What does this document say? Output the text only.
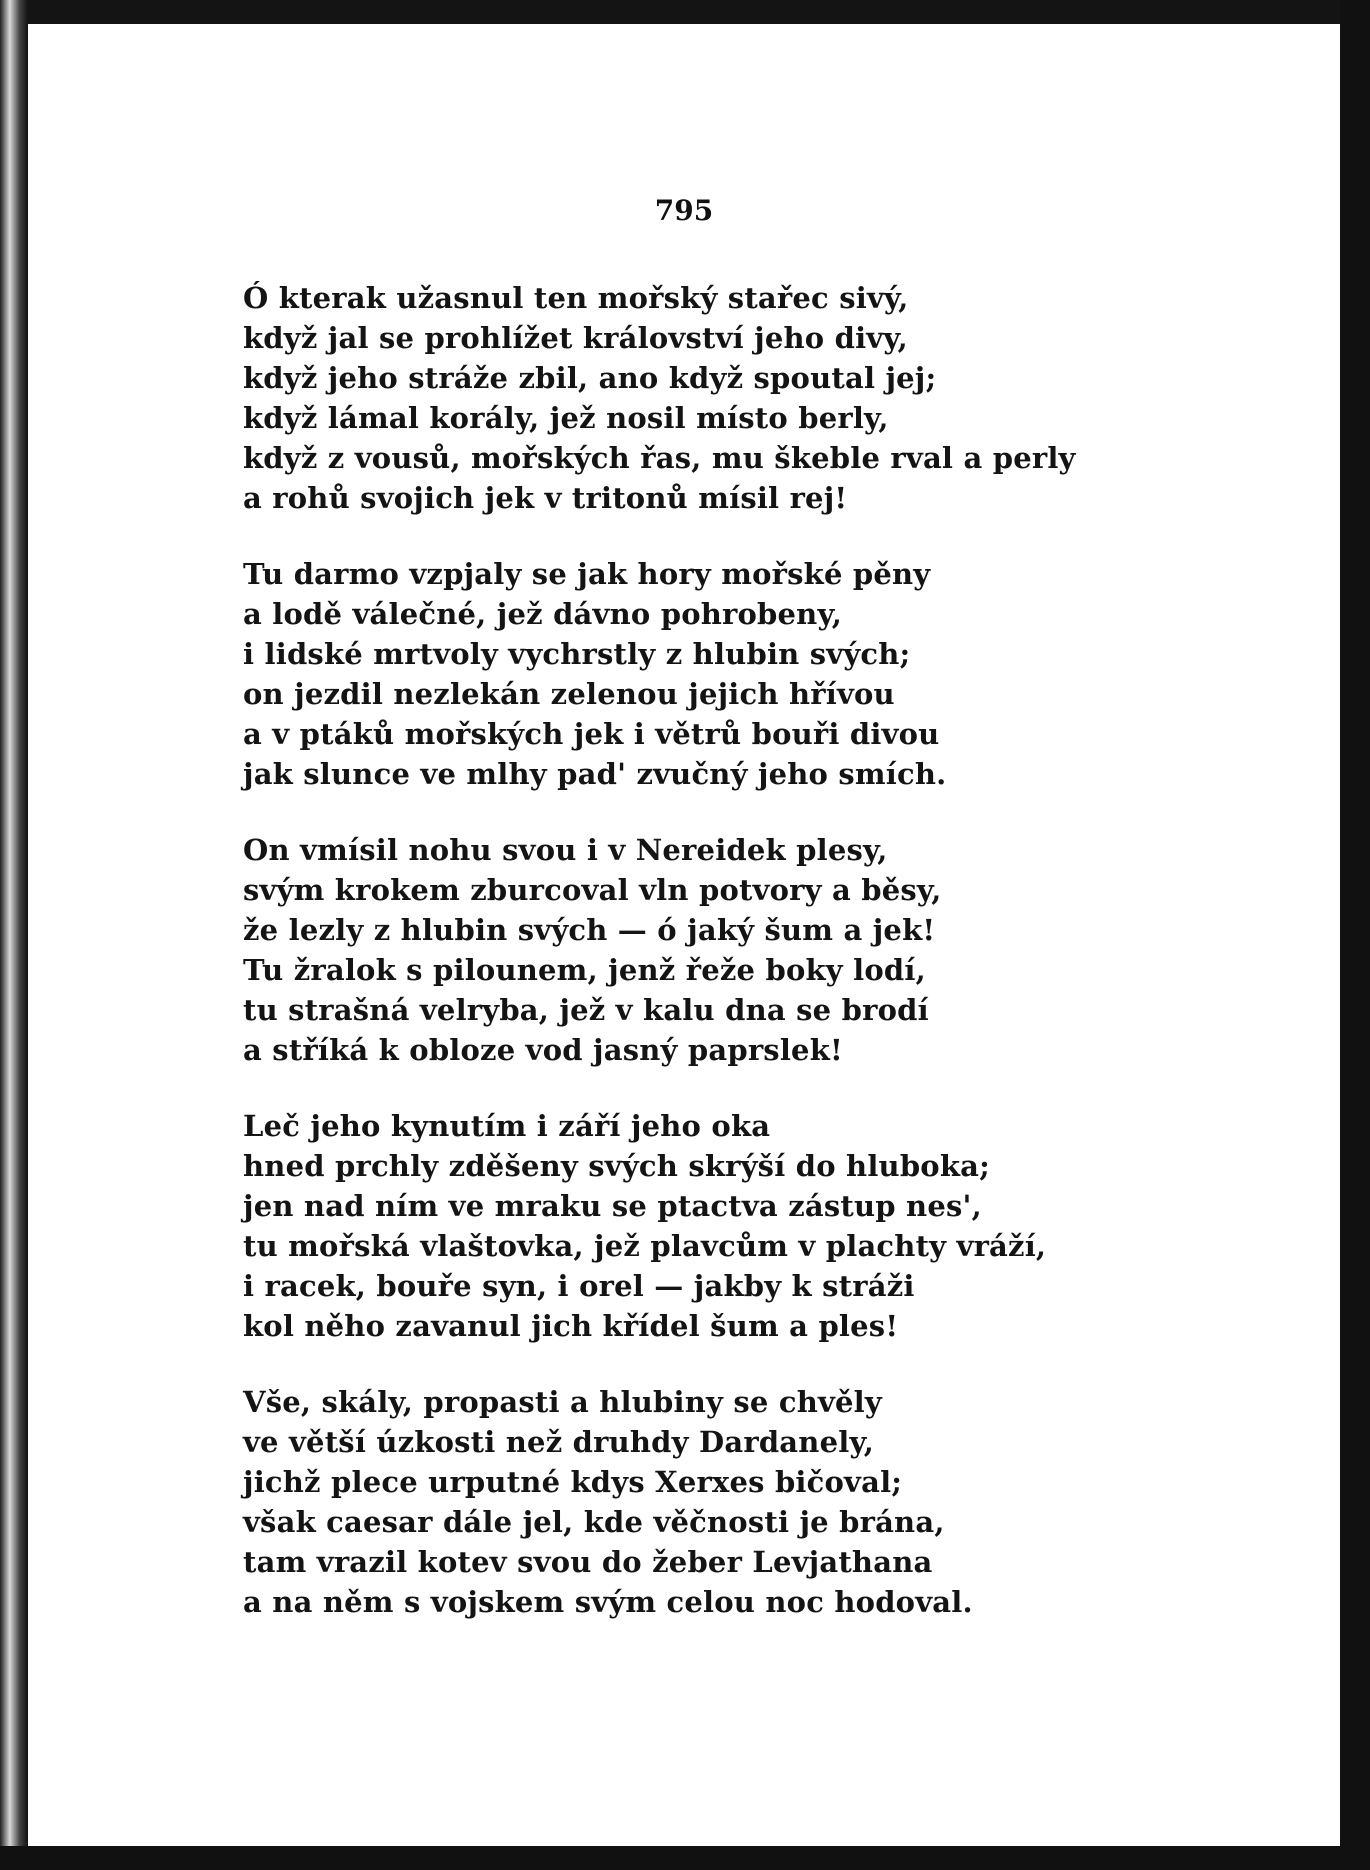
795
Ó kterak užasnul ten mořský stařec sivý,
když jal se prohlížet království jeho divy,
když jeho stráže zbil, ano když spoutal jej;
když lámal korály, jež nosil místo berly,
když z vousů, mořských řas, mu škeble rval a perly
a rohů svojich jek v tritonů mísil rej!
Tu darmo vzpjaly se jak hory mořské pěny
a lodě válečné, jež dávno pohrobeny,
i lidské mrtvoly vychrstly z hlubin svých;
on jezdil nezlekán zelenou jejich hřívou
a v ptáků mořských jek i větrů bouři divou
jak slunce ve mlhy pad' zvučný jeho smích.
On vmísil nohu svou i v Nereidek plesy,
svým krokem zburcoval vln potvory a běsy,
že lezly z hlubin svých — ó jaký šum a jek!
Tu žralok s pilounem, jenž řeže boky lodí,
tu strašná velryba, jež v kalu dna se brodí
a stříká k obloze vod jasný paprslek!
Leč jeho kynutím i září jeho oka
hned prchly zděšeny svých skrýší do hluboka;
jen nad ním ve mraku se ptactva zástup nes',
tu mořská vlaštovka, jež plavcům v plachty vráží,
i racek, bouře syn, i orel — jakby k stráži
kol něho zavanul jich křídel šum a ples!
Vše, skály, propasti a hlubiny se chvěly
ve větší úzkosti než druhdy Dardanely,
jichž plece urputné kdys Xerxes bičoval;
však caesar dále jel, kde věčnosti je brána,
tam vrazil kotev svou do žeber Levjathana
a na něm s vojskem svým celou noc hodoval.
